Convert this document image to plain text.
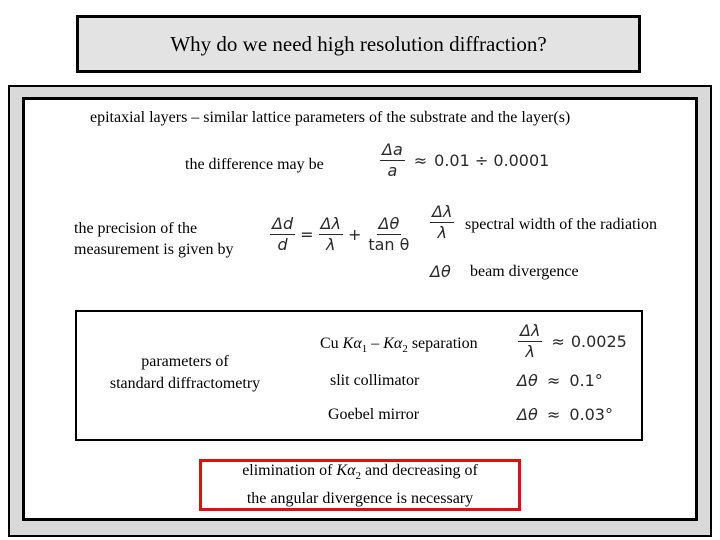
Why do we need high resolution diffraction?
epitaxial layers – similar lattice parameters of the substrate and the layer(s)
the difference may be	$\frac{\Delta a}{a} \approx 0.01 \div 0.0001$
the precision of the
measurement is given by $\frac{\Delta d}{d} = \frac{\Delta\lambda}{\lambda} + \frac{\Delta\theta}{\text{tan θ}} \frac{\Delta\lambda}{\lambda}$ spectral width of the radiation
Δθ beam divergence
parameters of
standard diffractometry
Cu $K\alpha_1 - K\alpha_2$ separation	$\frac{\Delta\lambda}{\lambda} \approx 0.0025$
slit collimator	Δθ ≈ 0.1°
Goebel mirror	Δθ ≈ 0.03°
elimination of $K\alpha_2$ and decreasing of
the angular divergence is necessary
